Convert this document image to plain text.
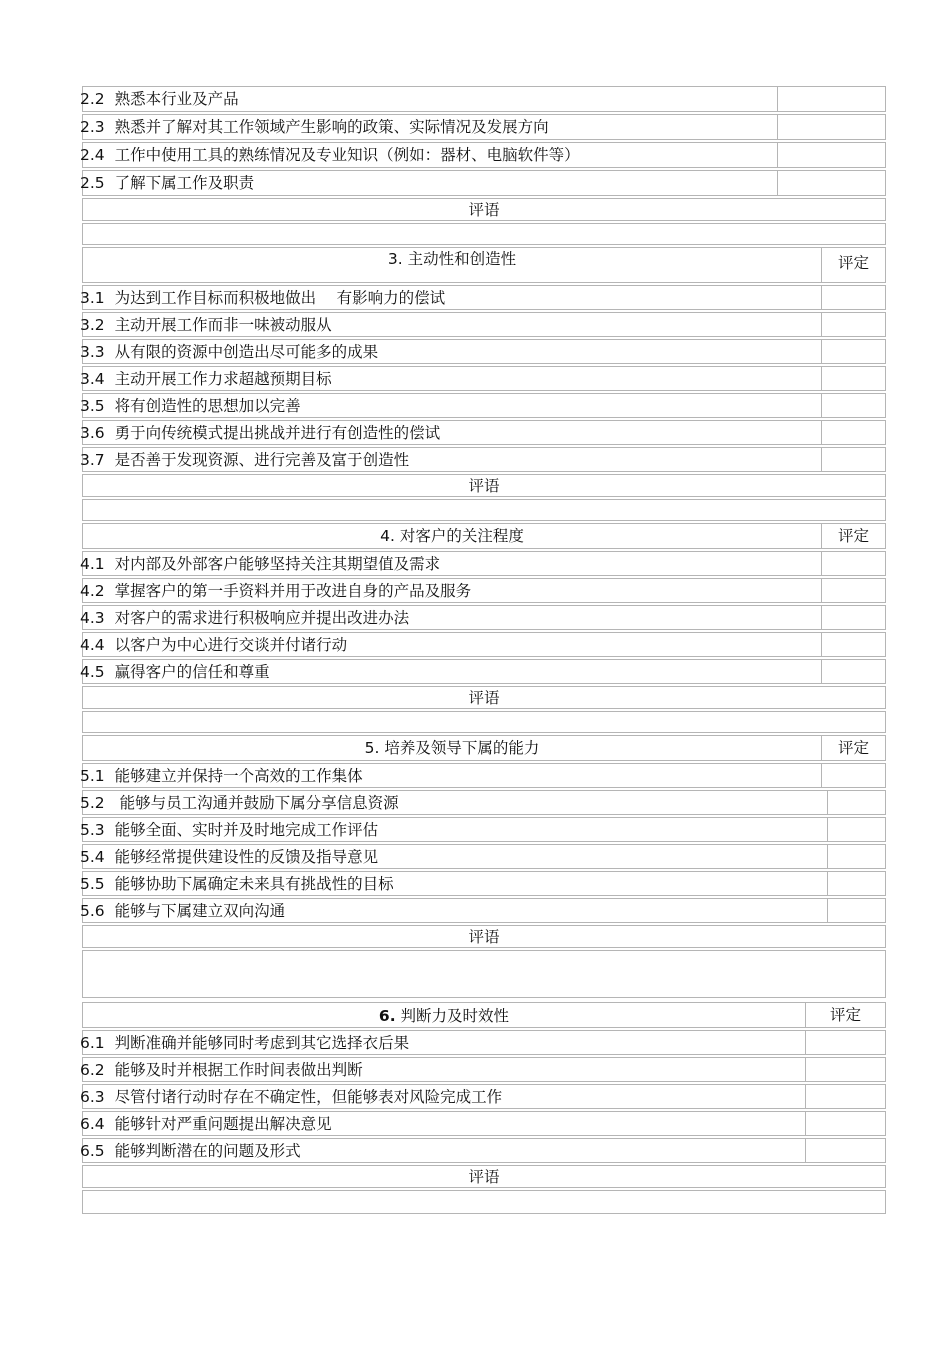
2.2 熟悉本行业及产品
2.3 熟悉并了解对其工作领域产生影响的政策、实际情况及发展方向
2.4 工作中使用工具的熟练情况及专业知识（例如：器材、电脑软件等）
2.5 了解下属工作及职责
评语
3. 主动性和创造性	评定
3.1 为达到工作目标而积极地做出　 有影响力的偿试
3.2 主动开展工作而非一味被动服从
3.3 从有限的资源中创造出尽可能多的成果
3.4 主动开展工作力求超越预期目标
3.5 将有创造性的思想加以完善
3.6 勇于向传统模式提出挑战并进行有创造性的偿试
3.7 是否善于发现资源、进行完善及富于创造性
评语
4. 对客户的关注程度	评定
4.1 对内部及外部客户能够坚持关注其期望值及需求
4.2 掌握客户的第一手资料并用于改进自身的产品及服务
4.3 对客户的需求进行积极响应并提出改进办法
4.4 以客户为中心进行交谈并付诸行动
4.5 赢得客户的信任和尊重
评语
5. 培养及领导下属的能力	评定
5.1 能够建立并保持一个高效的工作集体
5.2 能够与员工沟通并鼓励下属分享信息资源
5.3 能够全面、实时并及时地完成工作评估
5.4 能够经常提供建设性的反馈及指导意见
5.5 能够协助下属确定未来具有挑战性的目标
5.6 能够与下属建立双向沟通
评语
6. 判断力及时效性	评定
6.1 判断准确并能够同时考虑到其它选择衣后果
6.2 能够及时并根据工作时间表做出判断
6.3 尽管付诸行动时存在不确定性，但能够表对风险完成工作
6.4 能够针对严重问题提出解决意见
6.5 能够判断潜在的问题及形式
评语
